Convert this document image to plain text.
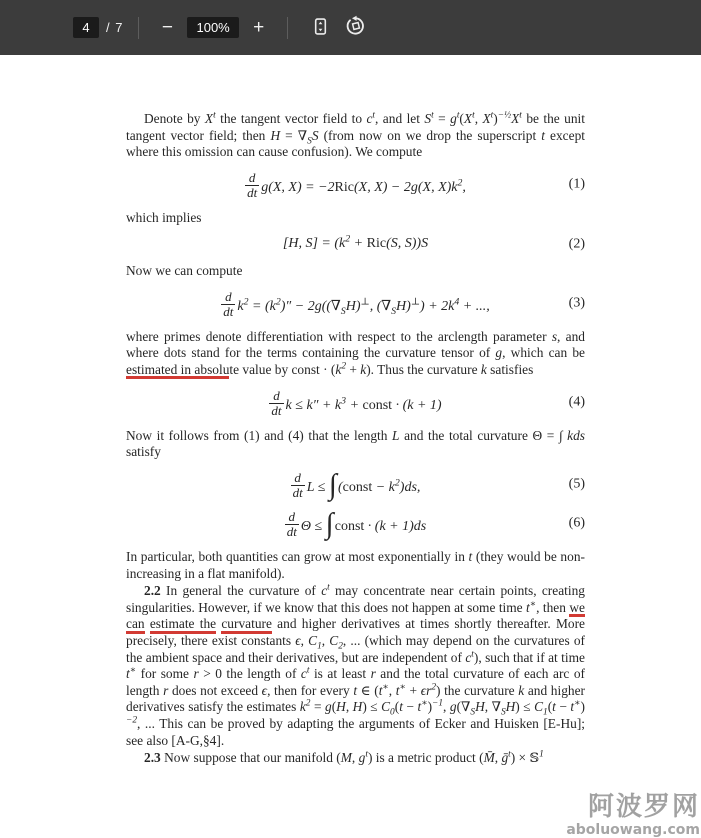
4
/ 7	−	100%	+

Denote by $X^t$ the tangent vector field to $c^t$, and let $S^t = g^t(X^t$, $X^t)^{-\frac{1}{2}}X^t$ be the unit tangent vector field; then $H = \nabla_SS$ (from now on we drop the superscript t except where this omission can cause confusion). We compute

$\frac{d}{dt} g(X$, X) = −2Ric(X, X) − 2g(X, $X)k^2$,	(1)

which implies

[H, $S] = (k^2 + Ric(S$, S))S	(2)

Now we can compute

$\frac{d}{dt} k^2 = (k^2)'' - 2g((\nabla_SH)^\perp$, $(\nabla_SH)^\perp) + 2k^4$ + ...,	(3)

where primes denote differentiation with respect to the arclength parameter s, and where dots stand for the terms containing the curvature tensor of g, which can be estimated in absolute value by const · $(k^2 + k)$. Thus the curvature k satisfies

$\frac{d}{dt}$ $k \le k'' + k^3$ + const · (k + 1)	(4)

Now it follows from (1) and (4) that the length L and the total curvature Θ = ∫ kds satisfy

$\frac{d}{dt}$ L ≤ ∫(const − $k^2)ds$,	(5)
$\frac{d}{dt}$ Θ ≤ ∫const · (k + 1)ds	(6)

In particular, both quantities can grow at most exponentially in t (they would be non-increasing in a flat manifold).

2.2 In general the curvature of $c^t$ may concentrate near certain points, creating singularities. However, if we know that this does not happen at some time t∗, then we can estimate the curvature and higher derivatives at times shortly thereafter. More precisely, there exist constants ϵ, $C_1$, $C_2$, ... (which may depend on the curvatures of the ambient space and their derivatives, but are independent of $c^t$), such that if at time t∗ for some r > 0 the length of $c^t$ is at least r and the total curvature of each arc of length r does not exceed ϵ, then for every t ∈ (t∗, $t^∗ + \epsilon r^2$) the curvature k and higher derivatives satisfy the estimates $k^2 = g(H$, $H) \le C_0(t - t^∗)^{-1}$, $g(\nabla_SH$, $\nabla_SH) \le C_1(t - t^∗)^{-2}$, ... This can be proved by adapting the arguments of Ecker and Huisken [E-Hu]; see also [A-G,§4].

2.3 Now suppose that our manifold (M, $g^t$) is a metric product (M̄, ḡ$^t$) × 𝕊$^1$

阿波罗网
aboluowang.com
